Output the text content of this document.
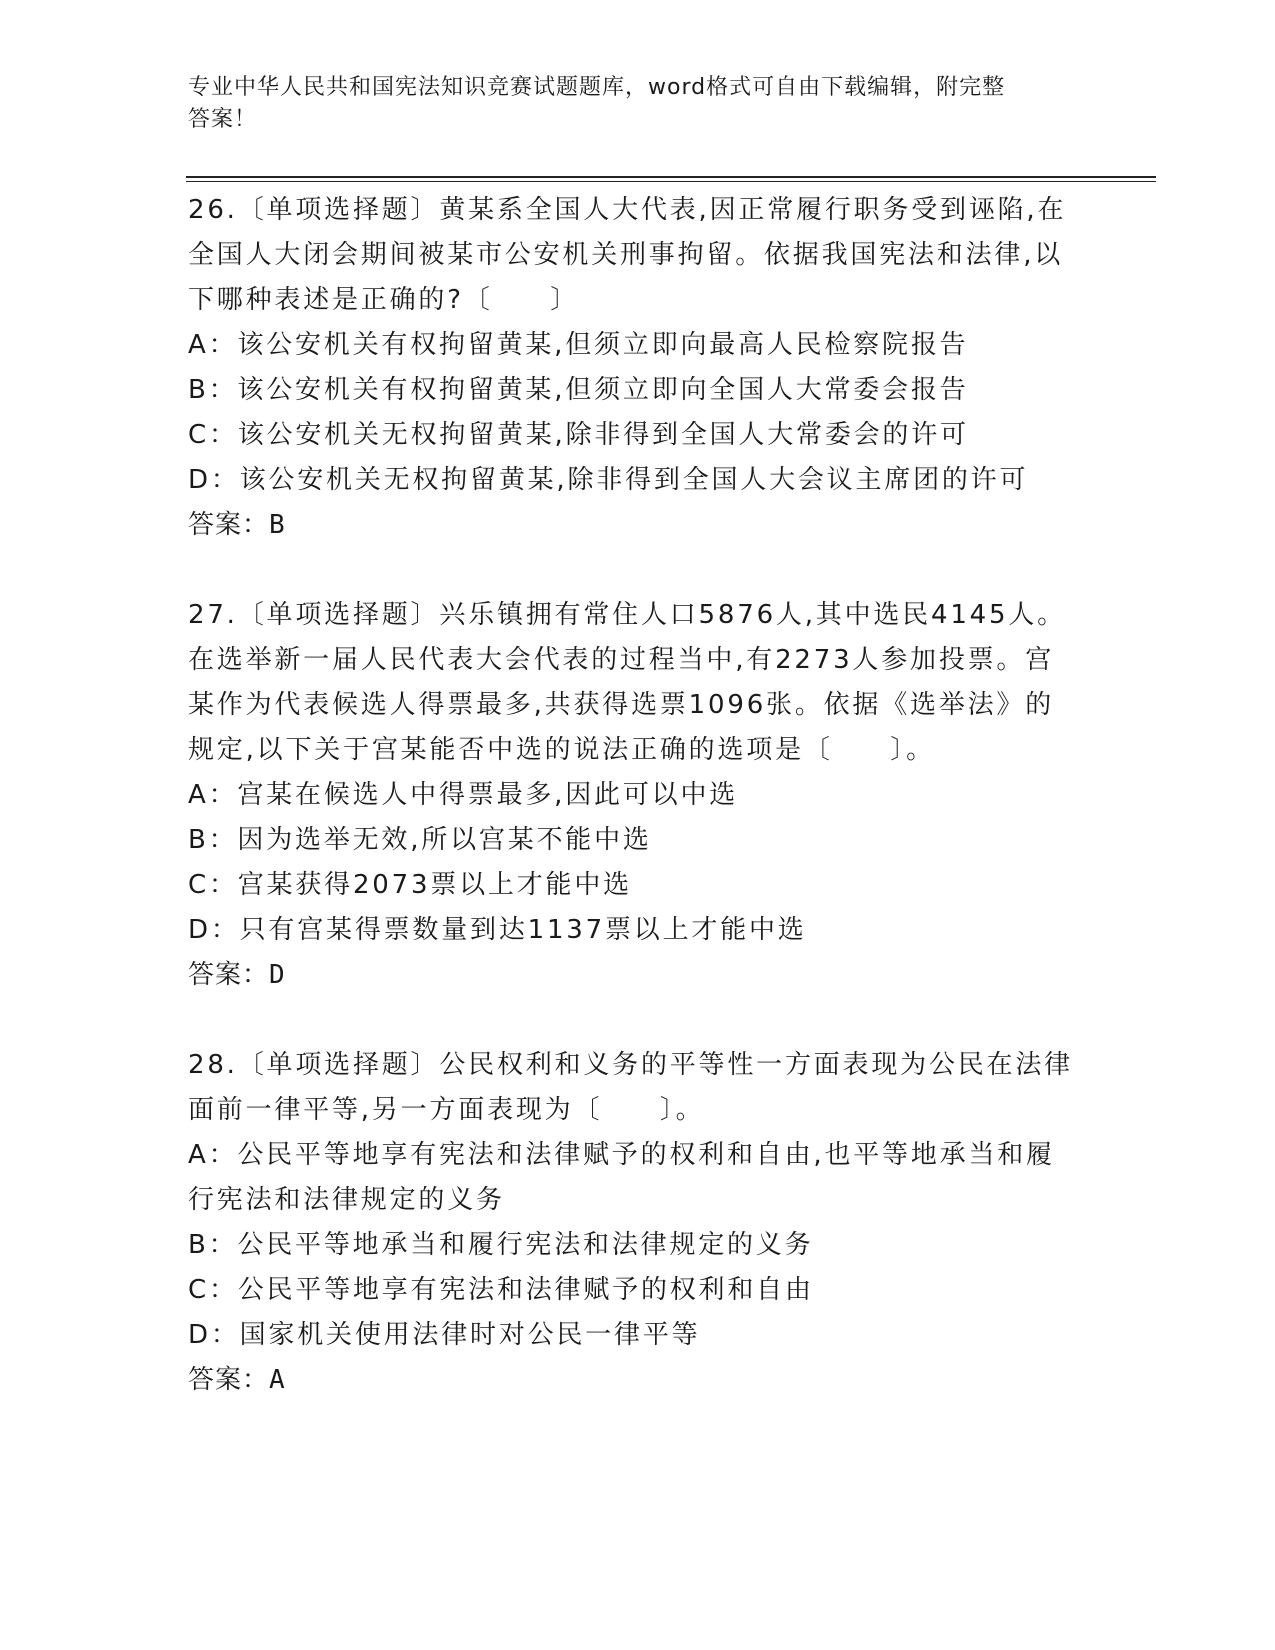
专业中华人民共和国宪法知识竞赛试题题库，word格式可自由下载编辑，附完整
答案！
26.〔单项选择题〕黄某系全国人大代表,因正常履行职务受到诬陷,在
全国人大闭会期间被某市公安机关刑事拘留。依据我国宪法和法律,以
下哪种表述是正确的?〔　　〕
A：该公安机关有权拘留黄某,但须立即向最高人民检察院报告
B：该公安机关有权拘留黄某,但须立即向全国人大常委会报告
C：该公安机关无权拘留黄某,除非得到全国人大常委会的许可
D：该公安机关无权拘留黄某,除非得到全国人大会议主席团的许可
答案：B
27.〔单项选择题〕兴乐镇拥有常住人口5876人,其中选民4145人。
在选举新一届人民代表大会代表的过程当中,有2273人参加投票。宫
某作为代表候选人得票最多,共获得选票1096张。依据《选举法》的
规定,以下关于宫某能否中选的说法正确的选项是〔　　〕。
A：宫某在候选人中得票最多,因此可以中选
B：因为选举无效,所以宫某不能中选
C：宫某获得2073票以上才能中选
D：只有宫某得票数量到达1137票以上才能中选
答案：D
28.〔单项选择题〕公民权利和义务的平等性一方面表现为公民在法律
面前一律平等,另一方面表现为〔　　〕。
A：公民平等地享有宪法和法律赋予的权利和自由,也平等地承当和履
行宪法和法律规定的义务
B：公民平等地承当和履行宪法和法律规定的义务
C：公民平等地享有宪法和法律赋予的权利和自由
D：国家机关使用法律时对公民一律平等
答案：A
